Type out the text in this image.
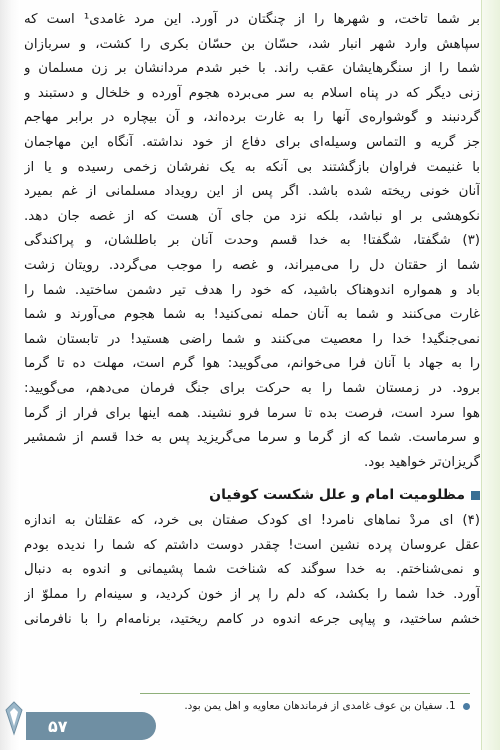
بر شما تاخت، و شهرها را از چنگتان در آورد. این مرد غامدی¹ است که
سپاهش وارد شهر انبار شد، حسّان بن حسّان بکری را کشت، و سربازان
شما را از سنگرهایشان عقب راند. با خبر شدم مردانشان بر زن مسلمان و
زنی دیگر که در پناه اسلام به سر می‌برده هجوم آورده و خلخال و دستبند و
گردنبند و گوشواره‌ی آنها را به غارت برده‌اند، و آن بیچاره در برابر مهاجم
جز گریه و التماس وسیله‌ای برای دفاع از خود نداشته. آنگاه این مهاجمان
با غنیمت فراوان بازگشتند بی آنکه به یک نفرشان زخمی رسیده و یا از
آنان خونی ریخته شده باشد. اگر پس از این رویداد مسلمانی از غم بمیرد
نکوهشی بر او نباشد، بلکه نزد من جای آن هست که از غصه جان دهد.
(۳) شگفتا، شگفتا! به خدا قسم وحدت آنان بر باطلشان، و پراکندگی
شما از حقتان دل را می‌میراند، و غصه را موجب می‌گردد. رویتان زشت
باد و همواره اندوهناک باشید، که خود را هدف تیر دشمن ساختید. شما را
غارت می‌کنند و شما به آنان حمله نمی‌کنید! به شما هجوم می‌آورند و شما
نمی‌جنگید! خدا را معصیت می‌کنند و شما راضی هستید! در تابستان شما
را به جهاد با آنان فرا می‌خوانم، می‌گویید: هوا گرم است، مهلت ده تا گرما
برود. در زمستان شما را به حرکت برای جنگ فرمان می‌دهم، می‌گویید:
هوا سرد است، فرصت بده تا سرما فرو نشیند. همه اینها برای فرار از گرما
و سرماست. شما که از گرما و سرما می‌گریزید پس به خدا قسم از شمشیر
گریزان‌تر خواهید بود.
مظلومیت امام و علل شکست کوفیان
(۴) ای مردْ نماهای نامرد! ای کودک صفتان بی خرد، که عقلتان به اندازه
عقل عروسان پرده نشین است! چقدر دوست داشتم که شما را ندیده بودم
و نمی‌شناختم. به خدا سوگند که شناخت شما پشیمانی و اندوه به دنبال
آورد. خدا شما را بکشد، که دلم را پر از خون کردید، و سینه‌ام را مملوّ از
خشم ساختید، و پیاپی جرعه اندوه در کامم ریختید، برنامه‌ام را با نافرمانی
1. سفیان بن عوف غامدی از فرماندهان معاویه و اهل یمن بود.
۵۷
